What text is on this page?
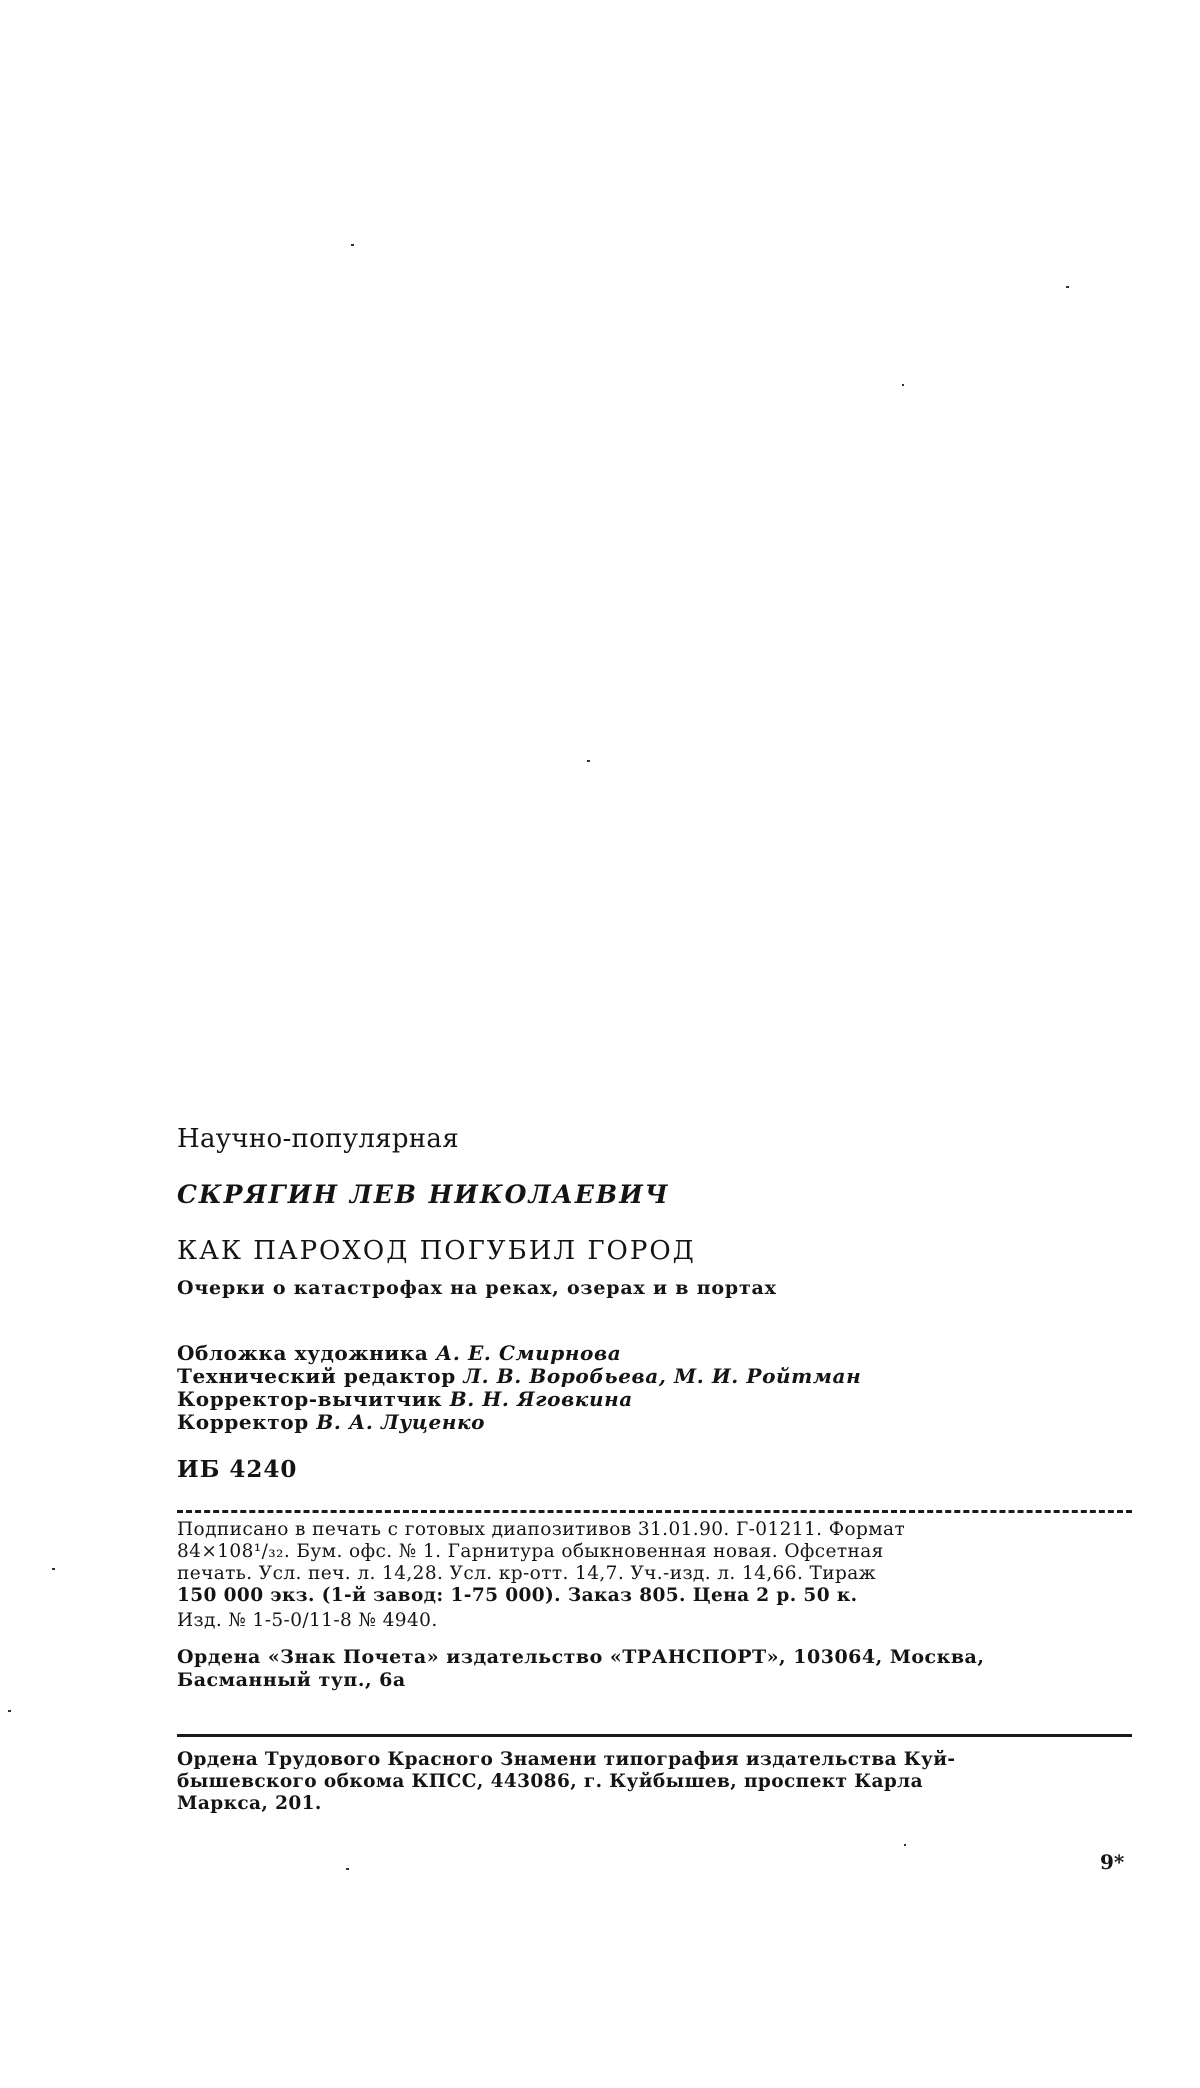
Научно-популярная
СКРЯГИН ЛЕВ НИКОЛАЕВИЧ
КАК ПАРОХОД ПОГУБИЛ ГОРОД
Очерки о катастрофах на реках, озерах и в портах
Обложка художника А. Е. Смирнова
Технический редактор Л. В. Воробьева, М. И. Ройтман
Корректор-вычитчик В. Н. Яговкина
Корректор В. А. Луценко
ИБ 4240
Подписано в печать с готовых диапозитивов 31.01.90. Г-01211. Формат
84×108¹/₃₂. Бум. офс. № 1. Гарнитура обыкновенная новая. Офсетная
печать. Усл. печ. л. 14,28. Усл. кр-отт. 14,7. Уч.-изд. л. 14,66. Тираж
150 000 экз. (1-й завод: 1-75 000). Заказ 805. Цена 2 р. 50 к.
Изд. № 1-5-0/11-8 № 4940.
Ордена «Знак Почета» издательство «ТРАНСПОРТ», 103064, Москва,
Басманный туп., 6а
Ордена Трудового Красного Знамени типография издательства Куй-
бышевского обкома КПСС, 443086, г. Куйбышев, проспект Карла
Маркса, 201.
9*
